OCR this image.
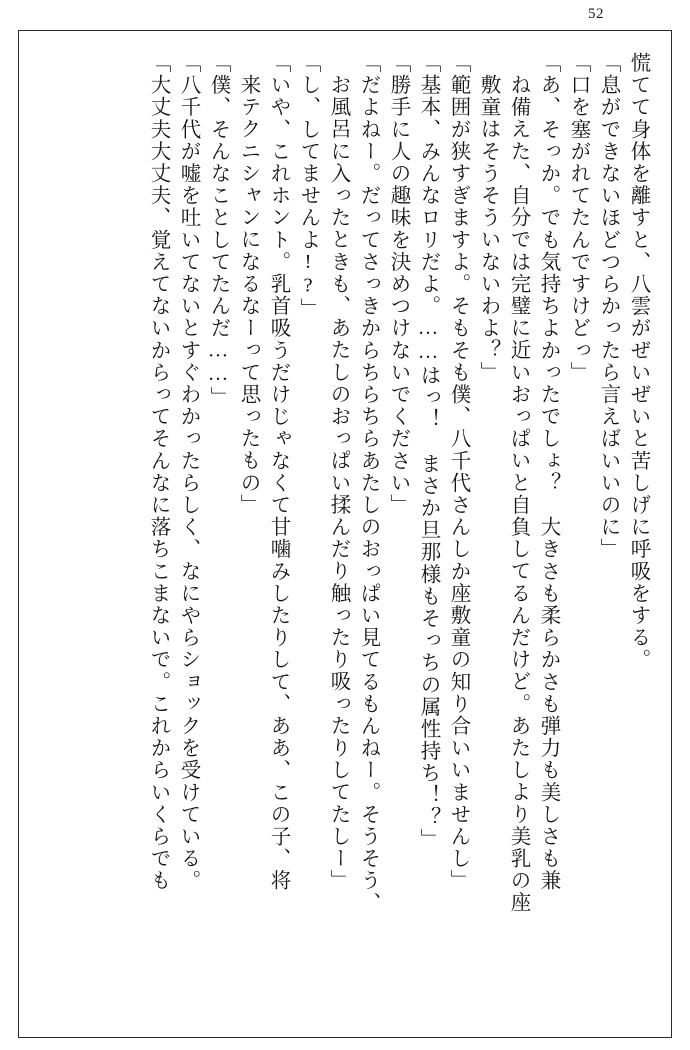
52
慌てて身体を離すと、八雲がぜいぜいと苦しげに呼吸をする。
「息ができないほどつらかったら言えばいいのに」
「口を塞がれてたんですけどっ」
「あ、そっか。でも気持ちよかったでしょ？　大きさも柔らかさも弾力も美しさも兼
ね備えた、自分では完璧に近いおっぱいと自負してるんだけど。あたしより美乳の座
敷童はそうそういないわよ？」
「範囲が狭すぎますよ。そもそも僕、八千代さんしか座敷童の知り合いいませんし」
「基本、みんなロリだよ。……はっ！　まさか旦那様もそっちの属性持ち！？」
「勝手に人の趣味を決めつけないでください」
「だよねー。だってさっきからちらちらあたしのおっぱい見てるもんねー。そうそう、
お風呂に入ったときも、あたしのおっぱい揉んだり触ったり吸ったりしてたしー」
「し、してませんよ!?」
「いや、これホント。乳首吸うだけじゃなくて甘噛みしたりして、ああ、この子、将
来テクニシャンになるなーって思ったもの」
「僕、そんなことしてたんだ……」
「八千代が嘘を吐いてないとすぐわかったらしく、なにやらショックを受けている。
「大丈夫大丈夫、覚えてないからってそんなに落ちこまないで。これからいくらでも
